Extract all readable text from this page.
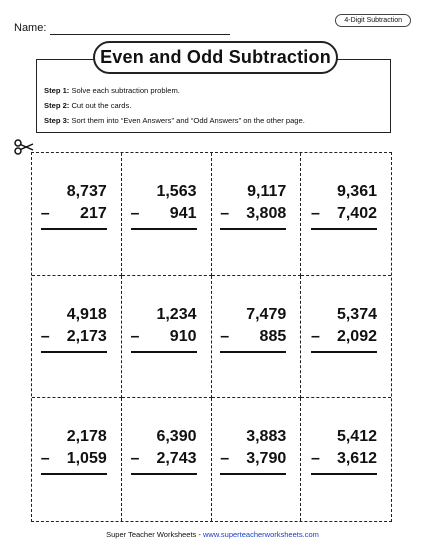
Name:
4-Digit Subtraction
Even and Odd Subtraction
Step 1: Solve each subtraction problem.
Step 2: Cut out the cards.
Step 3: Sort them into “Even Answers” and “Odd Answers” on the other page.
8,737
– 217
1,563
– 941
9,117
– 3,808
9,361
– 7,402
4,918
– 2,173
1,234
– 910
7,479
– 885
5,374
– 2,092
2,178
– 1,059
6,390
– 2,743
3,883
– 3,790
5,412
– 3,612
Super Teacher Worksheets - www.superteacherworksheets.com
